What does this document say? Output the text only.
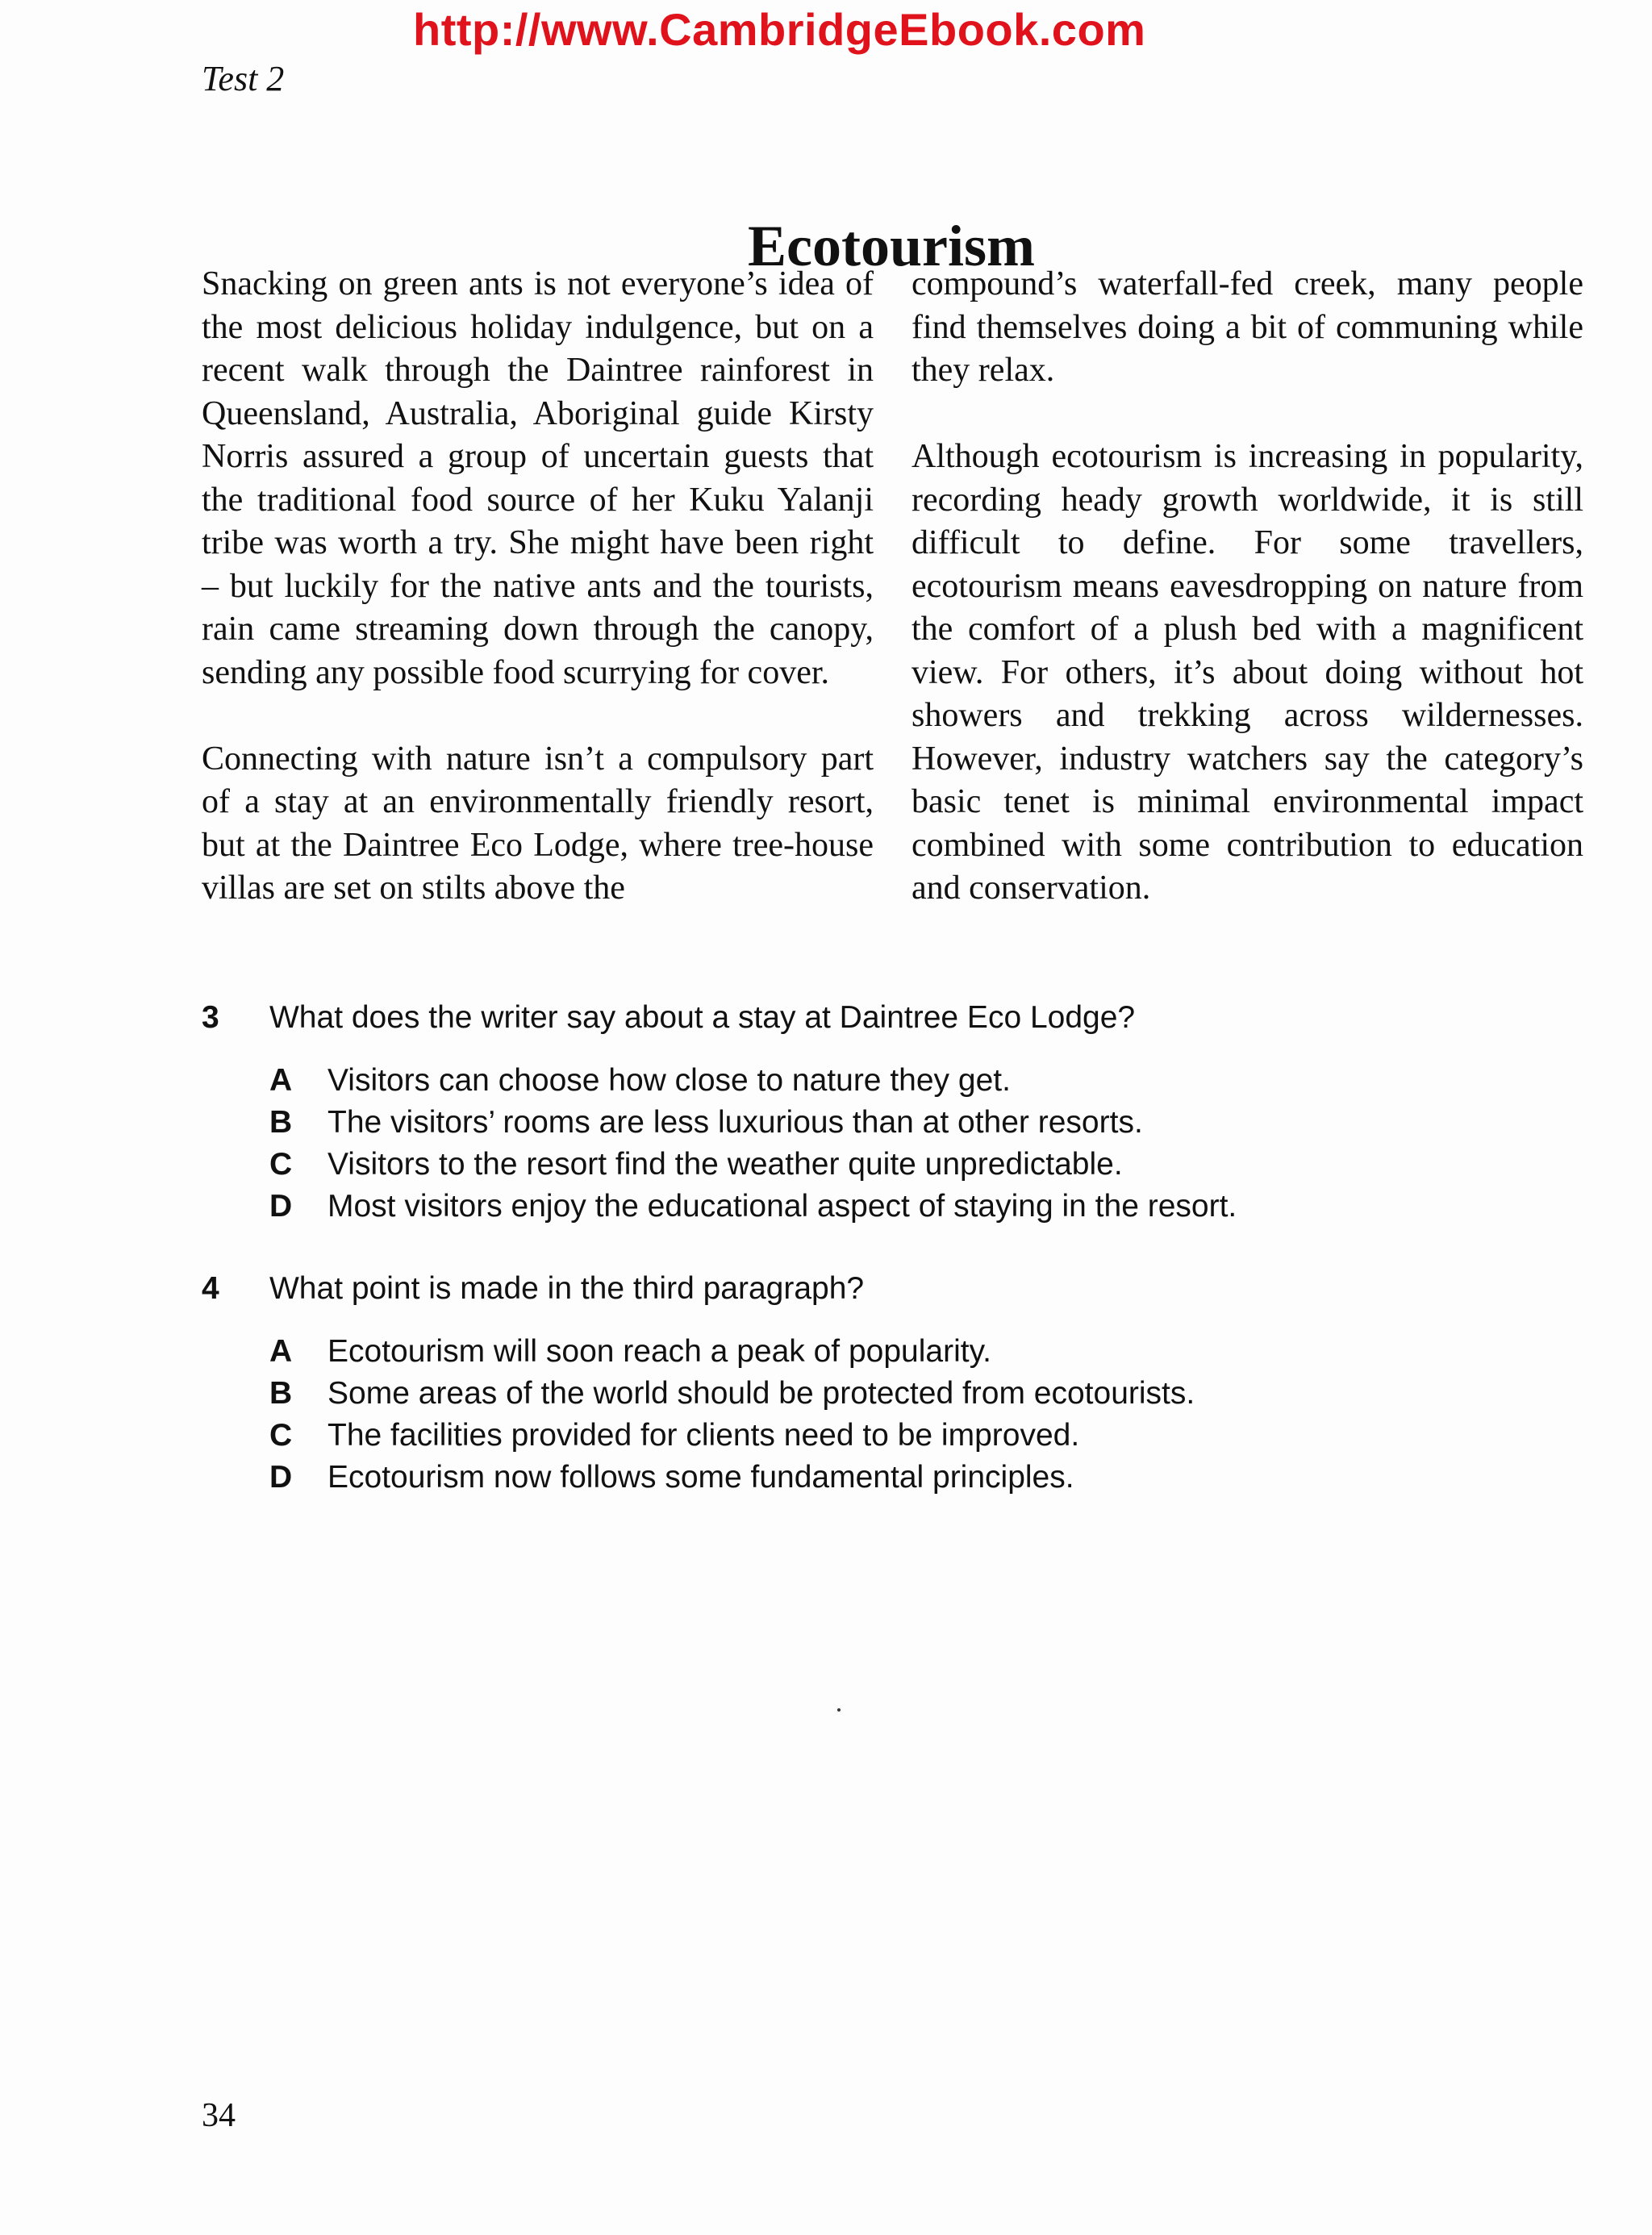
http://www.CambridgeEbook.com
Test 2
Ecotourism

Snacking on green ants is not everyone’s idea of the most delicious holiday indulgence, but on a recent walk through the Daintree rainforest in Queensland, Australia, Aboriginal guide Kirsty Norris assured a group of uncertain guests that the traditional food source of her Kuku Yalanji tribe was worth a try. She might have been right – but luckily for the native ants and the tourists, rain came streaming down through the canopy, sending any possible food scurrying for cover.

Connecting with nature isn’t a compulsory part of a stay at an environmentally friendly resort, but at the Daintree Eco Lodge, where tree-house villas are set on stilts above the

compound’s waterfall-fed creek, many people find themselves doing a bit of communing while they relax.

Although ecotourism is increasing in popularity, recording heady growth worldwide, it is still difficult to define. For some travellers, ecotourism means eavesdropping on nature from the comfort of a plush bed with a magnificent view. For others, it’s about doing without hot showers and trekking across wildernesses. However, industry watchers say the category’s basic tenet is minimal environmental impact combined with some contribution to education and conservation.

3	What does the writer say about a stay at Daintree Eco Lodge?
A	Visitors can choose how close to nature they get.
B	The visitors’ rooms are less luxurious than at other resorts.
C	Visitors to the resort find the weather quite unpredictable.
D	Most visitors enjoy the educational aspect of staying in the resort.
4	What point is made in the third paragraph?
A	Ecotourism will soon reach a peak of popularity.
B	Some areas of the world should be protected from ecotourists.
C	The facilities provided for clients need to be improved.
D	Ecotourism now follows some fundamental principles.
34
